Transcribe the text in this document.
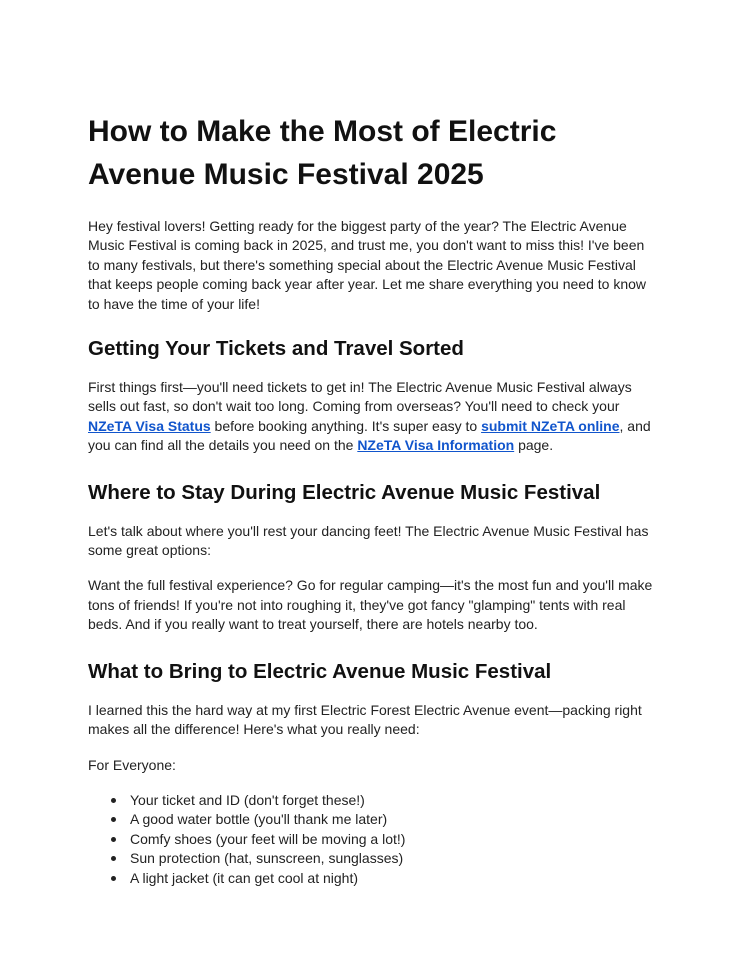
How to Make the Most of Electric Avenue Music Festival 2025

Hey festival lovers! Getting ready for the biggest party of the year? The Electric Avenue Music Festival is coming back in 2025, and trust me, you don't want to miss this! I've been to many festivals, but there's something special about the Electric Avenue Music Festival that keeps people coming back year after year. Let me share everything you need to know to have the time of your life!

Getting Your Tickets and Travel Sorted

First things first—you'll need tickets to get in! The Electric Avenue Music Festival always sells out fast, so don't wait too long. Coming from overseas? You'll need to check your NZeTA Visa Status before booking anything. It's super easy to submit NZeTA online, and you can find all the details you need on the NZeTA Visa Information page.

Where to Stay During Electric Avenue Music Festival

Let's talk about where you'll rest your dancing feet! The Electric Avenue Music Festival has some great options:

Want the full festival experience? Go for regular camping—it's the most fun and you'll make tons of friends! If you're not into roughing it, they've got fancy "glamping" tents with real beds. And if you really want to treat yourself, there are hotels nearby too.

What to Bring to Electric Avenue Music Festival

I learned this the hard way at my first Electric Forest Electric Avenue event—packing right makes all the difference! Here's what you really need:

For Everyone:

Your ticket and ID (don't forget these!)
A good water bottle (you'll thank me later)
Comfy shoes (your feet will be moving a lot!)
Sun protection (hat, sunscreen, sunglasses)
A light jacket (it can get cool at night)
